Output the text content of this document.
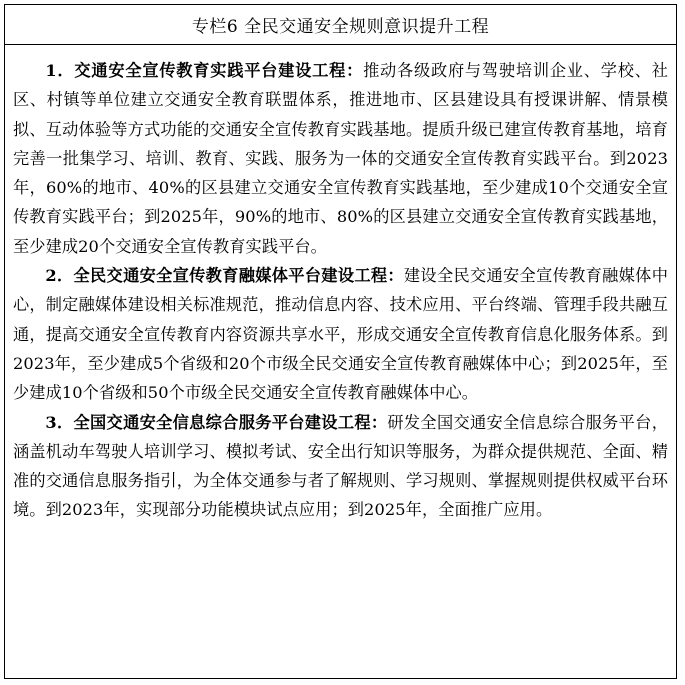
专栏6 全民交通安全规则意识提升工程

1．交通安全宣传教育实践平台建设工程：推动各级政府与驾驶培训企业、学校、社区、村镇等单位建立交通安全教育联盟体系，推进地市、区县建设具有授课讲解、情景模拟、互动体验等方式功能的交通安全宣传教育实践基地。提质升级已建宣传教育基地，培育完善一批集学习、培训、教育、实践、服务为一体的交通安全宣传教育实践平台。到2023年，60%的地市、40%的区县建立交通安全宣传教育实践基地，至少建成10个交通安全宣传教育实践平台；到2025年，90%的地市、80%的区县建立交通安全宣传教育实践基地，至少建成20个交通安全宣传教育实践平台。

2．全民交通安全宣传教育融媒体平台建设工程：建设全民交通安全宣传教育融媒体中心，制定融媒体建设相关标准规范，推动信息内容、技术应用、平台终端、管理手段共融互通，提高交通安全宣传教育内容资源共享水平，形成交通安全宣传教育信息化服务体系。到2023年，至少建成5个省级和20个市级全民交通安全宣传教育融媒体中心；到2025年，至少建成10个省级和50个市级全民交通安全宣传教育融媒体中心。

3．全国交通安全信息综合服务平台建设工程：研发全国交通安全信息综合服务平台，涵盖机动车驾驶人培训学习、模拟考试、安全出行知识等服务，为群众提供规范、全面、精准的交通信息服务指引，为全体交通参与者了解规则、学习规则、掌握规则提供权威平台环境。到2023年，实现部分功能模块试点应用；到2025年，全面推广应用。
